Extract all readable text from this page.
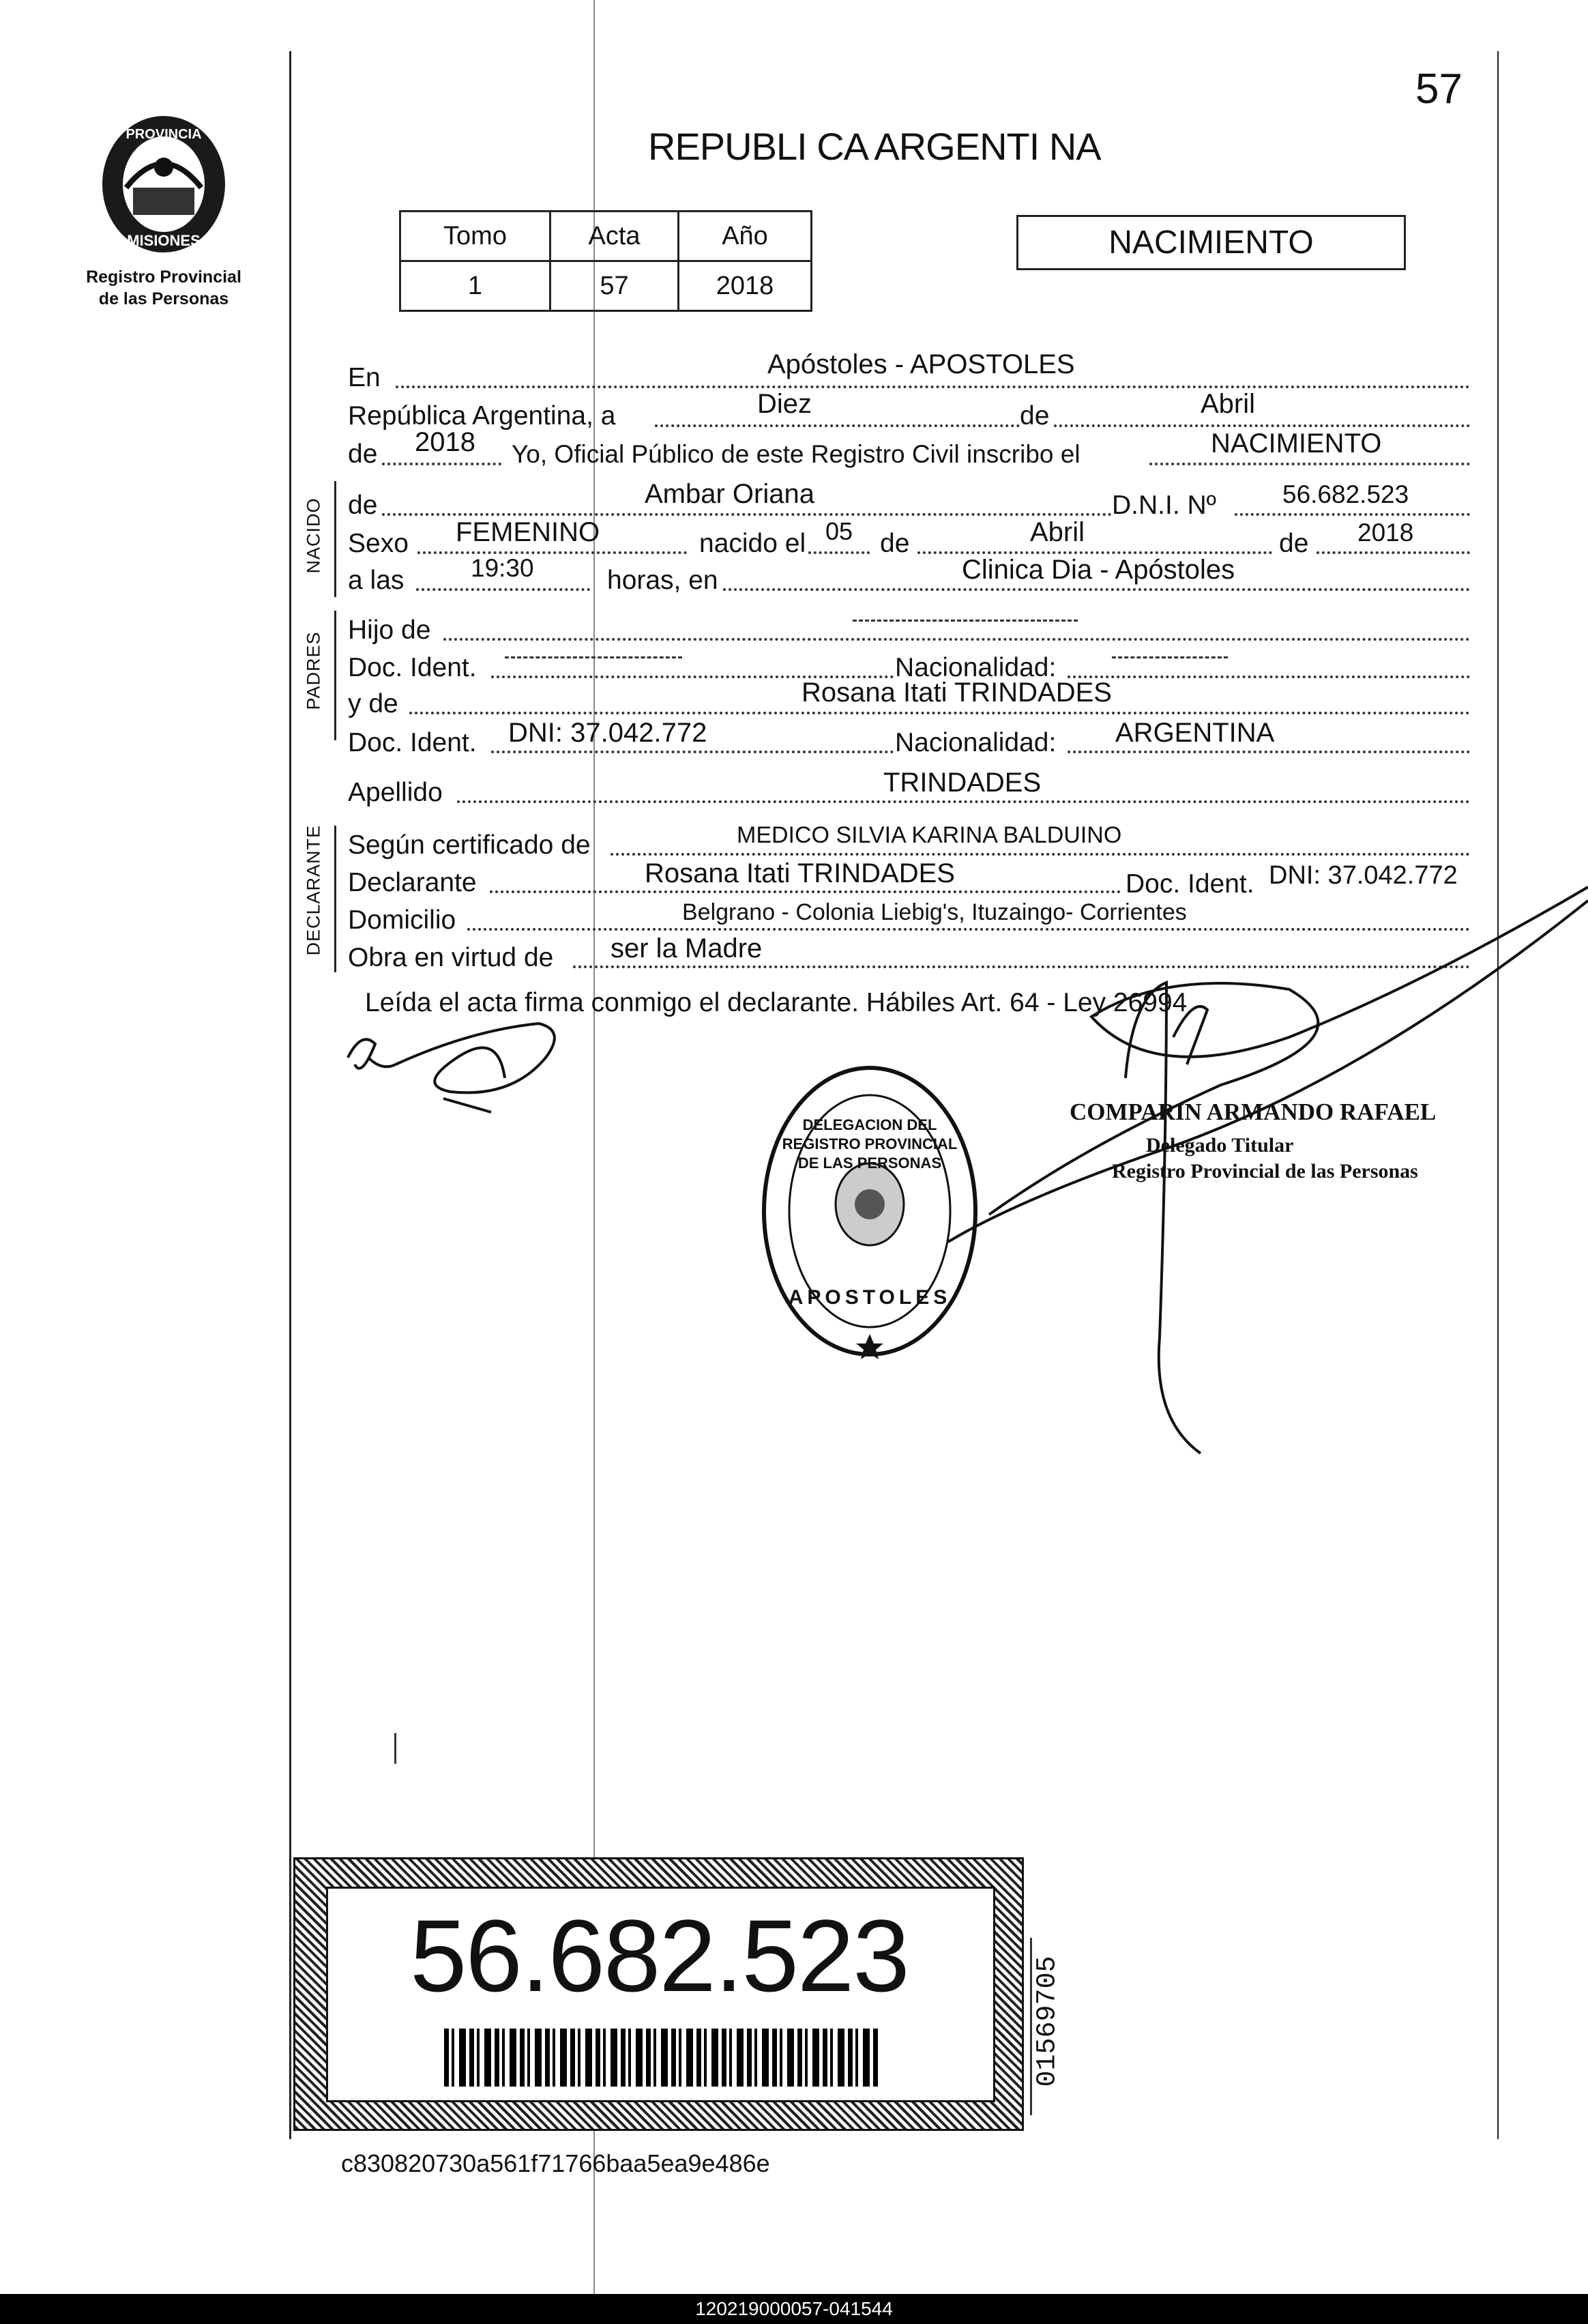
57
PROVINCIA
MISIONES
Registro Provincial
de las Personas
REPUBLI CA ARGENTI NA
Tomo	Acta	Año
1	57	2018
NACIMIENTO
En	Apóstoles - APOSTOLES
República Argentina, a	Diez	de	Abril
de 2018 Yo, Oficial Público de este Registro Civil inscribo el	NACIMIENTO
NACIDO
PADRES
DECLARANTE
de	Ambar Oriana	D.N.I. Nº	56.682.523
Sexo FEMENINO	nacido el 05 de	Abril	de 2018
a las	19:30	horas, en	Clinica Dia - Apóstoles
Hijo de
Doc. Ident.	Nacionalidad:
y de	Rosana Itati TRINDADES
Doc. Ident. DNI: 37.042.772	Nacionalidad: ARGENTINA
Apellido	TRINDADES
Según certificado de	MEDICO SILVIA KARINA BALDUINO
Declarante	Rosana Itati TRINDADES	Doc. Ident. DNI: 37.042.772
Domicilio	Belgrano - Colonia Liebig's, Ituzaingo- Corrientes
Obra en virtud de ser la Madre
Leída el acta firma conmigo el declarante. Hábiles Art. 64 - Ley 26994
DELEGACION DEL REGISTRO PROVINCIAL DE LAS PERSONAS
APOSTOLES
COMPARIN ARMANDO RAFAEL
Delegado Titular
Registro Provincial de las Personas
56.682.523
01569705
c830820730a561f71766baa5ea9e486e
120219000057-041544
